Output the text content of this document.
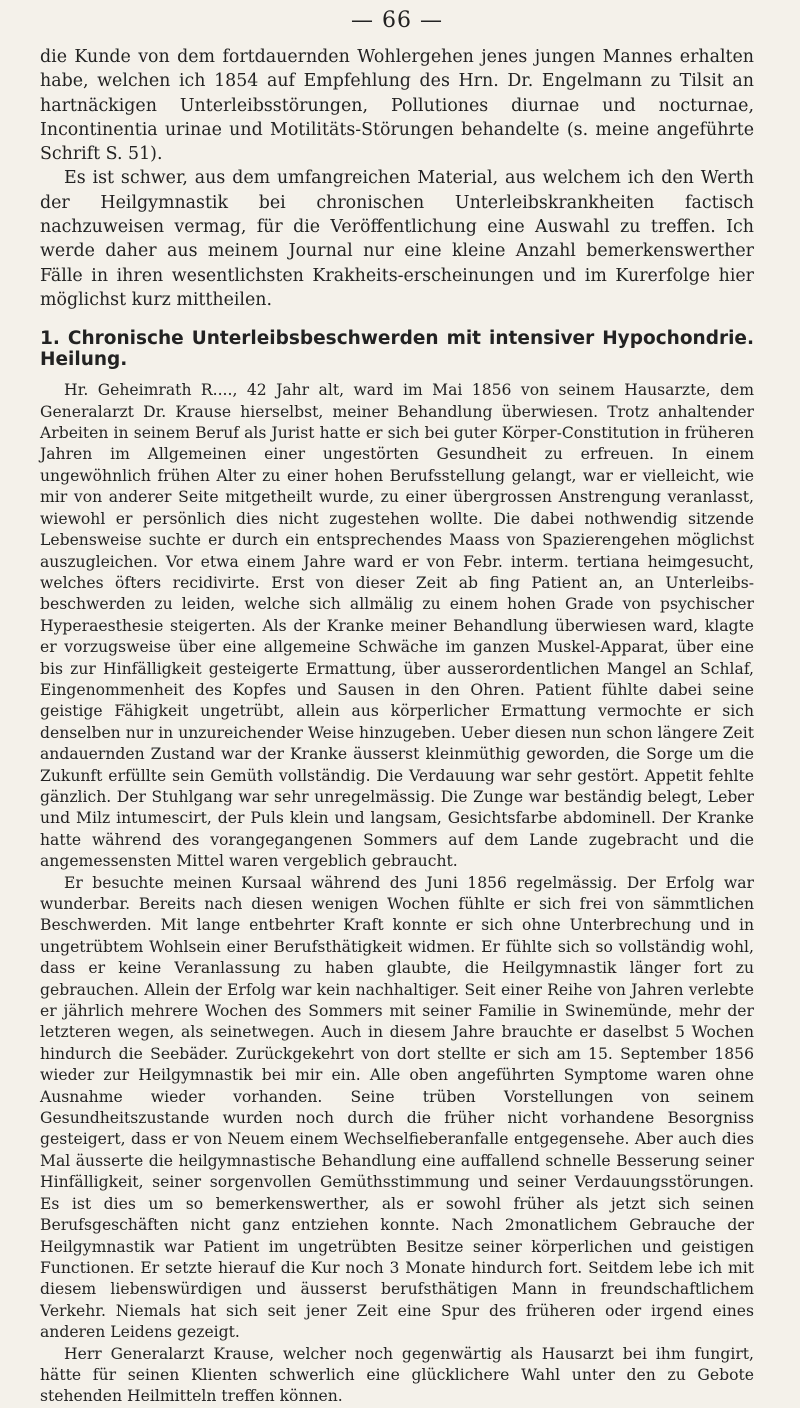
— 66 —

die Kunde von dem fortdauernden Wohlergehen jenes jungen Mannes erhalten habe, welchen ich 1854 auf Empfehlung des Hrn. Dr. Engelmann zu Tilsit an hartnäckigen Unterleibsstörungen, Pollutiones diurnae und nocturnae, Incontinentia urinae und Motilitäts-Störungen behandelte (s. meine angeführte Schrift S. 51).

Es ist schwer, aus dem umfangreichen Material, aus welchem ich den Werth der Heilgymnastik bei chronischen Unterleibskrankheiten factisch nachzuweisen vermag, für die Veröffentlichung eine Auswahl zu treffen. Ich werde daher aus meinem Journal nur eine kleine Anzahl bemerkenswerther Fälle in ihren wesentlichsten Krakheits-erscheinungen und im Kurerfolge hier möglichst kurz mittheilen.

1. Chronische Unterleibsbeschwerden mit intensiver Hypochondrie. Heilung.

Hr. Geheimrath R...., 42 Jahr alt, ward im Mai 1856 von seinem Hausarzte, dem Generalarzt Dr. Krause hierselbst, meiner Behandlung überwiesen. Trotz anhaltender Arbeiten in seinem Beruf als Jurist hatte er sich bei guter Körper-Constitution in früheren Jahren im Allgemeinen einer ungestörten Gesundheit zu erfreuen. In einem ungewöhnlich frühen Alter zu einer hohen Berufsstellung gelangt, war er vielleicht, wie mir von anderer Seite mitgetheilt wurde, zu einer übergrossen Anstrengung veranlasst, wiewohl er persönlich dies nicht zugestehen wollte. Die dabei nothwendig sitzende Lebensweise suchte er durch ein entsprechendes Maass von Spazierengehen möglichst auszugleichen. Vor etwa einem Jahre ward er von Febr. interm. tertiana heimgesucht, welches öfters recidivirte. Erst von dieser Zeit ab fing Patient an, an Unterleibs-beschwerden zu leiden, welche sich allmälig zu einem hohen Grade von psychischer Hyperaesthesie steigerten. Als der Kranke meiner Behandlung überwiesen ward, klagte er vorzugsweise über eine allgemeine Schwäche im ganzen Muskel-Apparat, über eine bis zur Hinfälligkeit gesteigerte Ermattung, über ausserordentlichen Mangel an Schlaf, Eingenommenheit des Kopfes und Sausen in den Ohren. Patient fühlte dabei seine geistige Fähigkeit ungetrübt, allein aus körperlicher Ermattung vermochte er sich denselben nur in unzureichender Weise hinzugeben. Ueber diesen nun schon längere Zeit andauernden Zustand war der Kranke äusserst kleinmüthig geworden, die Sorge um die Zukunft erfüllte sein Gemüth vollständig. Die Verdauung war sehr gestört. Appetit fehlte gänzlich. Der Stuhlgang war sehr unregelmässig. Die Zunge war beständig belegt, Leber und Milz intumescirt, der Puls klein und langsam, Gesichtsfarbe abdominell. Der Kranke hatte während des vorangegangenen Sommers auf dem Lande zugebracht und die angemessensten Mittel waren vergeblich gebraucht.

Er besuchte meinen Kursaal während des Juni 1856 regelmässig. Der Erfolg war wunderbar. Bereits nach diesen wenigen Wochen fühlte er sich frei von sämmtlichen Beschwerden. Mit lange entbehrter Kraft konnte er sich ohne Unterbrechung und in ungetrübtem Wohlsein einer Berufsthätigkeit widmen. Er fühlte sich so vollständig wohl, dass er keine Veranlassung zu haben glaubte, die Heilgymnastik länger fort zu gebrauchen. Allein der Erfolg war kein nachhaltiger. Seit einer Reihe von Jahren verlebte er jährlich mehrere Wochen des Sommers mit seiner Familie in Swinemünde, mehr der letzteren wegen, als seinetwegen. Auch in diesem Jahre brauchte er daselbst 5 Wochen hindurch die Seebäder. Zurückgekehrt von dort stellte er sich am 15. September 1856 wieder zur Heilgymnastik bei mir ein. Alle oben angeführten Symptome waren ohne Ausnahme wieder vorhanden. Seine trüben Vorstellungen von seinem Gesundheitszustande wurden noch durch die früher nicht vorhandene Besorgniss gesteigert, dass er von Neuem einem Wechselfieberanfalle entgegensehe. Aber auch dies Mal äusserte die heilgymnastische Behandlung eine auffallend schnelle Besserung seiner Hinfälligkeit, seiner sorgenvollen Gemüthsstimmung und seiner Verdauungsstörungen. Es ist dies um so bemerkenswerther, als er sowohl früher als jetzt sich seinen Berufsgeschäften nicht ganz entziehen konnte. Nach 2monatlichem Gebrauche der Heilgymnastik war Patient im ungetrübten Besitze seiner körperlichen und geistigen Functionen. Er setzte hierauf die Kur noch 3 Monate hindurch fort. Seitdem lebe ich mit diesem liebenswürdigen und äusserst berufsthätigen Mann in freundschaftlichem Verkehr. Niemals hat sich seit jener Zeit eine Spur des früheren oder irgend eines anderen Leidens gezeigt.

Herr Generalarzt Krause, welcher noch gegenwärtig als Hausarzt bei ihm fungirt, hätte für seinen Klienten schwerlich eine glücklichere Wahl unter den zu Gebote stehenden Heilmitteln treffen können.
